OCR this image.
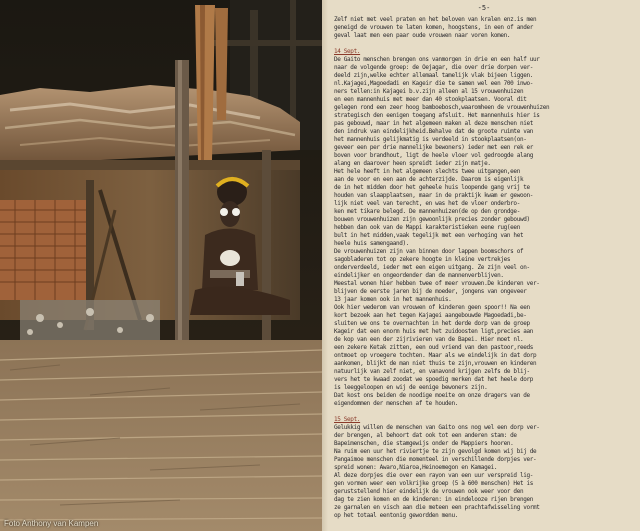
Foto Anthony van Kampen
-5-
Zelf niet met veel praten en het beloven van kralen enz.is men
geneigd de vrouwen te laten komen, hoogstens, in een of ander
geval laat men een paar oude vrouwen naar voren komen.
14 Sept.
De Gaito menschen brengen ons vanmorgen in drie en een half uur
naar de volgende groep: de Oejagar, die over drie dorpen ver-
deeld zijn,welke echter allemaal tamelijk vlak bijeen liggen.
nl.Kajagei,Magoedadi en Kageir die te samen wel een 700 inwo-
ners tellen:in Kajagei b.v.zijn alleen al 15 vrouwenhuizen
en een mannenhuis met meer dan 40 stookplaatsen. Vooral dit
gelegen rond een zeer hoog bamboebosch,waaromheen de vrouwenhuizen
strategisch den eenigen toegang afsluit. Het mannenhuis hier is
pas gebouwd, maar in het algemeen maken al deze menschen niet
den indruk van eindelijkheid.Behalve dat de groote ruimte van
het mannenhuis gelijkmatig is verdeeld in stookplaatsen(on-
geveer een per drie mannelijke bewoners) ieder met een rek er
boven voor brandhout, ligt de heele vloer vol gedroogde alang
alang en daarover heen spreidt ieder zijn matje.
Het hele heeft in het algemeen slechts twee uitgangen,een
aan de voor en een aan de achterzijde. Daarom is eigenlijk
de in het midden door het geheele huis loopende gang vrij te
houden van slaapplaatsen, maar in de praktijk kwam er gewoon-
lijk niet veel van terecht, en was het de vloer onderbro-
ken met tikare belegd. De mannenhuizen(de op den grondge-
bouwen vrouwenhuizen zijn gewoonlijk precies zonder gebouwd)
hebben dan ook van de Mappi karakteristieken eene rug(een
bult in het midden,vaak tegelijk met een verhoging van het
heele huis samengaand).
De vrouwenhuizen zijn van binnen door lappen boomschors of
sagobladeren tot op zekere hoogte in kleine vertrekjes
onderverdeeld, ieder met een eigen uitgang. Ze zijn veel on-
eindelijker en ongeordender dan de mannenverblijven.
Meestal wonen hier hebben twee of meer vrouwen.De kinderen ver-
blijven de eerste jaren bij de moeder, jongens van ongeveer
13 jaar komen ook in het mannenhuis.
Ook hier wederom van vrouwen of kinderen geen spoor!! Na een
kort bezoek aan het tegen Kajagei aangebouwde Magoedadi,be-
sluiten we ons te overnachten in het derde dorp van de groep
Kageir dat een enorm huis met het zuidoosten ligt,precies aan
de kop van een der zijrivieren van de Bapei. Hier moet nl.
een zekere Ketak zitten, een oud vriend van den pastoor,reeds
ontmoet op vroegere tochten. Maar als we eindelijk in dat dorp
aankomen, blijkt de man niet thuis te zijn,vrouwen en kinderen
natuurlijk van zelf niet, en vanavond krijgen zelfs de blij-
vers het te kwaad zoodat we spoedig merken dat het heele dorp
is leeggeloopen en wij de eenige bewoners zijn.
Dat kost ons beiden de noodige moeite om onze dragers van de
eigendommen der menschen af te houden.
15 Sept.
Gelukkig willen de menschen van Gaito ons nog wel een dorp ver-
der brengen, al behoort dat ook tot een anderen stam: de
Bapeimenschen, die stamgewijs onder de Mappiers hooren.
Na ruim een uur het riviertje te zijn gevolgd komen wij bij de
Pangaimoe menschen die momenteel in verschillende dorpjes ver-
spreid wonen: Awaro,Niaroa,Heinoemegon en Kamagei.
Al deze dorpjes die over een rayon van een uur verspreid lig-
gen vormen weer een volkrijke groep (5 à 600 menschen) Het is
geruststellend hier eindelijk de vrouwen ook weer voor den
dag te zien komen en de kinderen: in eindelooze rijen brengen
ze garnalen en visch aan die meteen een prachtafwisseling vormt
op het totaal eentonig gewordden menu.
